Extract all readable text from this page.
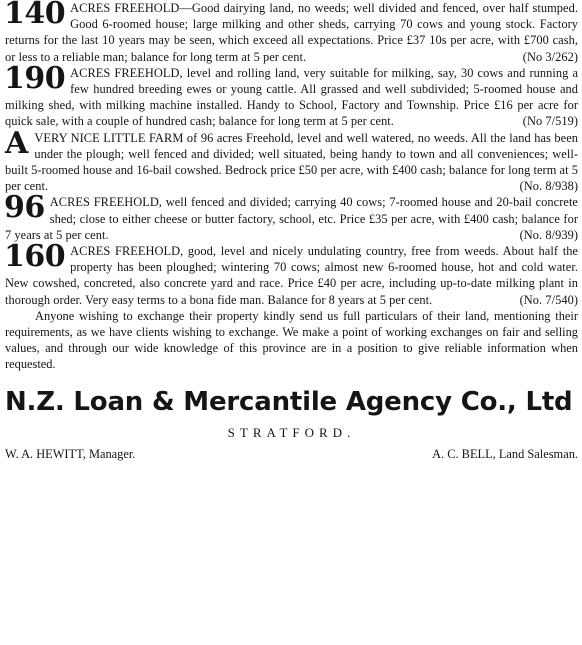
140 ACRES FREEHOLD—Good dairying land, no weeds; well divided and fenced, over half stumped. Good 6-roomed house; large milking and other sheds, carrying 70 cows and young stock. Factory returns for the last 10 years may be seen, which exceed all expectations. Price £37 10s per acre, with £700 cash, or less to a reliable man; balance for long term at 5 per cent.	(No 3/262)
190 ACRES FREEHOLD, level and rolling land, very suitable for milking, say, 30 cows and running a few hundred breeding ewes or young cattle. All grassed and well subdivided; 5-roomed house and milking shed, with milking machine installed. Handy to School, Factory and Township. Price £16 per acre for quick sale, with a couple of hundred cash; balance for long term at 5 per cent.	(No 7/519)
A VERY NICE LITTLE FARM of 96 acres Freehold, level and well watered, no weeds. All the land has been under the plough; well fenced and divided; well situated, being handy to town and all conveniences; well-built 5-roomed house and 16-bail cowshed. Bedrock price £50 per acre, with £400 cash; balance for long term at 5 per cent.	(No. 8/938)
96 ACRES FREEHOLD, well fenced and divided; carrying 40 cows; 7-roomed house and 20-bail concrete shed; close to either cheese or butter factory, school, etc. Price £35 per acre, with £400 cash; balance for 7 years at 5 per cent.	(No. 8/939)
160 ACRES FREEHOLD, good, level and nicely undulating country, free from weeds. About half the property has been ploughed; wintering 70 cows; almost new 6-roomed house, hot and cold water. New cowshed, concreted, also concrete yard and race. Price £40 per acre, including up-to-date milking plant in thorough order. Very easy terms to a bona fide man. Balance for 8 years at 5 per cent.	(No. 7/540)
Anyone wishing to exchange their property kindly send us full particulars of their land, mentioning their requirements, as we have clients wishing to exchange. We make a point of working exchanges on fair and selling values, and through our wide knowledge of this province are in a position to give reliable information when requested.
N.Z. Loan & Mercantile Agency Co., Ltd
STRATFORD.
W. A. HEWITT, Manager.	A. C. BELL, Land Salesman.
